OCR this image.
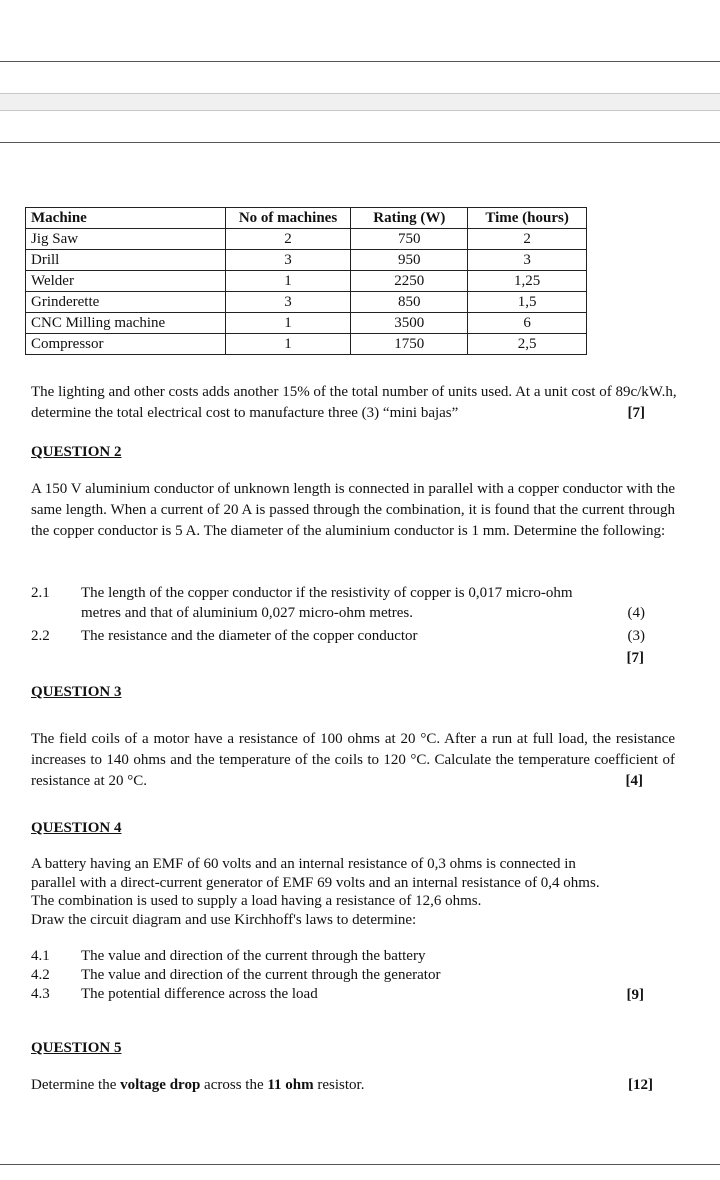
Machine	No of machines	Rating (W)	Time (hours)
Jig Saw	2	750	2
Drill	3	950	3
Welder	1	2250	1,25
Grinderette	3	850	1,5
CNC Milling machine	1	3500	6
Compressor	1	1750	2,5
The lighting and other costs adds another 15% of the total number of units used. At a unit cost of 89c/kW.h, determine the total electrical cost to manufacture three (3) “mini bajas”	[7]
QUESTION 2
A 150 V aluminium conductor of unknown length is connected in parallel with a copper conductor with the same length. When a current of 20 A is passed through the combination, it is found that the current through the copper conductor is 5 A. The diameter of the aluminium conductor is 1 mm. Determine the following:
2.1 The length of the copper conductor if the resistivity of copper is 0,017 micro-ohm metres and that of aluminium 0,027 micro-ohm metres.	(4)
2.2 The resistance and the diameter of the copper conductor	(3)
[7]
QUESTION 3
The field coils of a motor have a resistance of 100 ohms at 20 °C. After a run at full load, the resistance increases to 140 ohms and the temperature of the coils to 120 °C. Calculate the temperature coefficient of resistance at 20 °C.	[4]
QUESTION 4
A battery having an EMF of 60 volts and an internal resistance of 0,3 ohms is connected in
parallel with a direct-current generator of EMF 69 volts and an internal resistance of 0,4 ohms.
The combination is used to supply a load having a resistance of 12,6 ohms.
Draw the circuit diagram and use Kirchhoff's laws to determine:
4.1 The value and direction of the current through the battery
4.2 The value and direction of the current through the generator
4.3 The potential difference across the load	[9]
QUESTION 5
Determine the voltage drop across the 11 ohm resistor.	[12]
